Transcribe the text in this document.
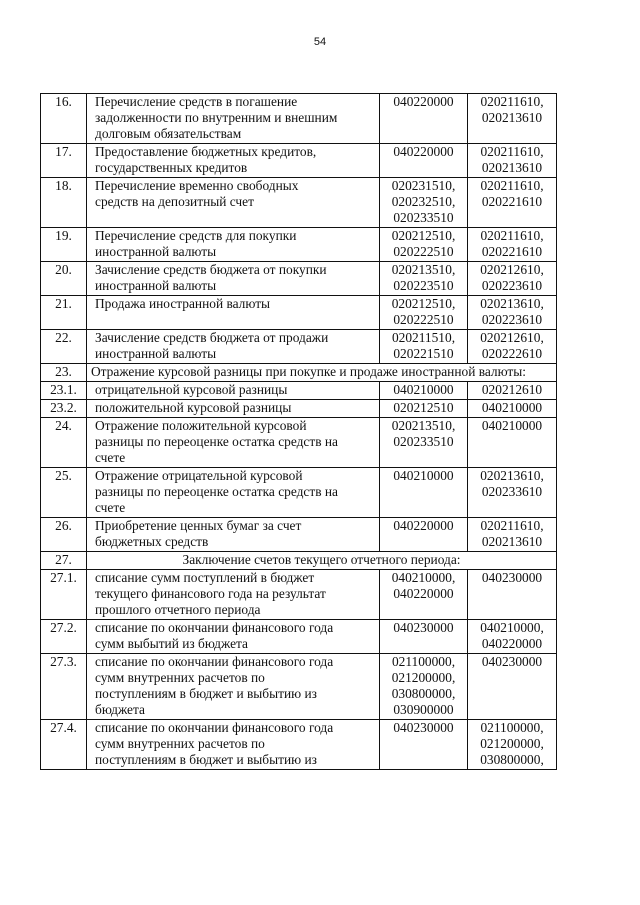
54
16.	Перечисление средств в погашение
задолженности по внутренним и внешним
долговым обязательствам	040220000	020211610,
020213610

17.	Предоставление бюджетных кредитов,
государственных кредитов	040220000	020211610,
020213610

18.	Перечисление временно свободных
средств на депозитный счет	020231510,
020232510,
020233510	020211610,
020221610

19.	Перечисление средств для покупки
иностранной валюты	020212510,
020222510	020211610,
020221610

20.	Зачисление средств бюджета от покупки
иностранной валюты	020213510,
020223510	020212610,
020223610

21.	Продажа иностранной валюты	020212510,
020222510	020213610,
020223610

22.	Зачисление средств бюджета от продажи
иностранной валюты	020211510,
020221510	020212610,
020222610

23.	Отражение курсовой разницы при покупке и продаже иностранной валюты:		
23.1.	отрицательной курсовой разницы	040210000	020212610

23.2.	положительной курсовой разницы	020212510	040210000

24.	Отражение положительной курсовой
разницы по переоценке остатка средств на
счете	020213510,
020233510	040210000

25.	Отражение отрицательной курсовой
разницы по переоценке остатка средств на
счете	040210000	020213610,
020233610

26.	Приобретение ценных бумаг за счет
бюджетных средств	040220000	020211610,
020213610

27.	Заключение счетов текущего отчетного периода:		
27.1.	списание сумм поступлений в бюджет
текущего финансового года на результат
прошлого отчетного периода	040210000,
040220000	040230000

27.2.	списание по окончании финансового года
сумм выбытий из бюджета	040230000	040210000,
040220000

27.3.	списание по окончании финансового года
сумм внутренних расчетов по
поступлениям в бюджет и выбытию из
бюджета	021100000,
021200000,
030800000,
030900000	040230000

27.4.	списание по окончании финансового года
сумм внутренних расчетов по
поступлениям в бюджет и выбытию из	040230000	021100000,
021200000,
030800000,
